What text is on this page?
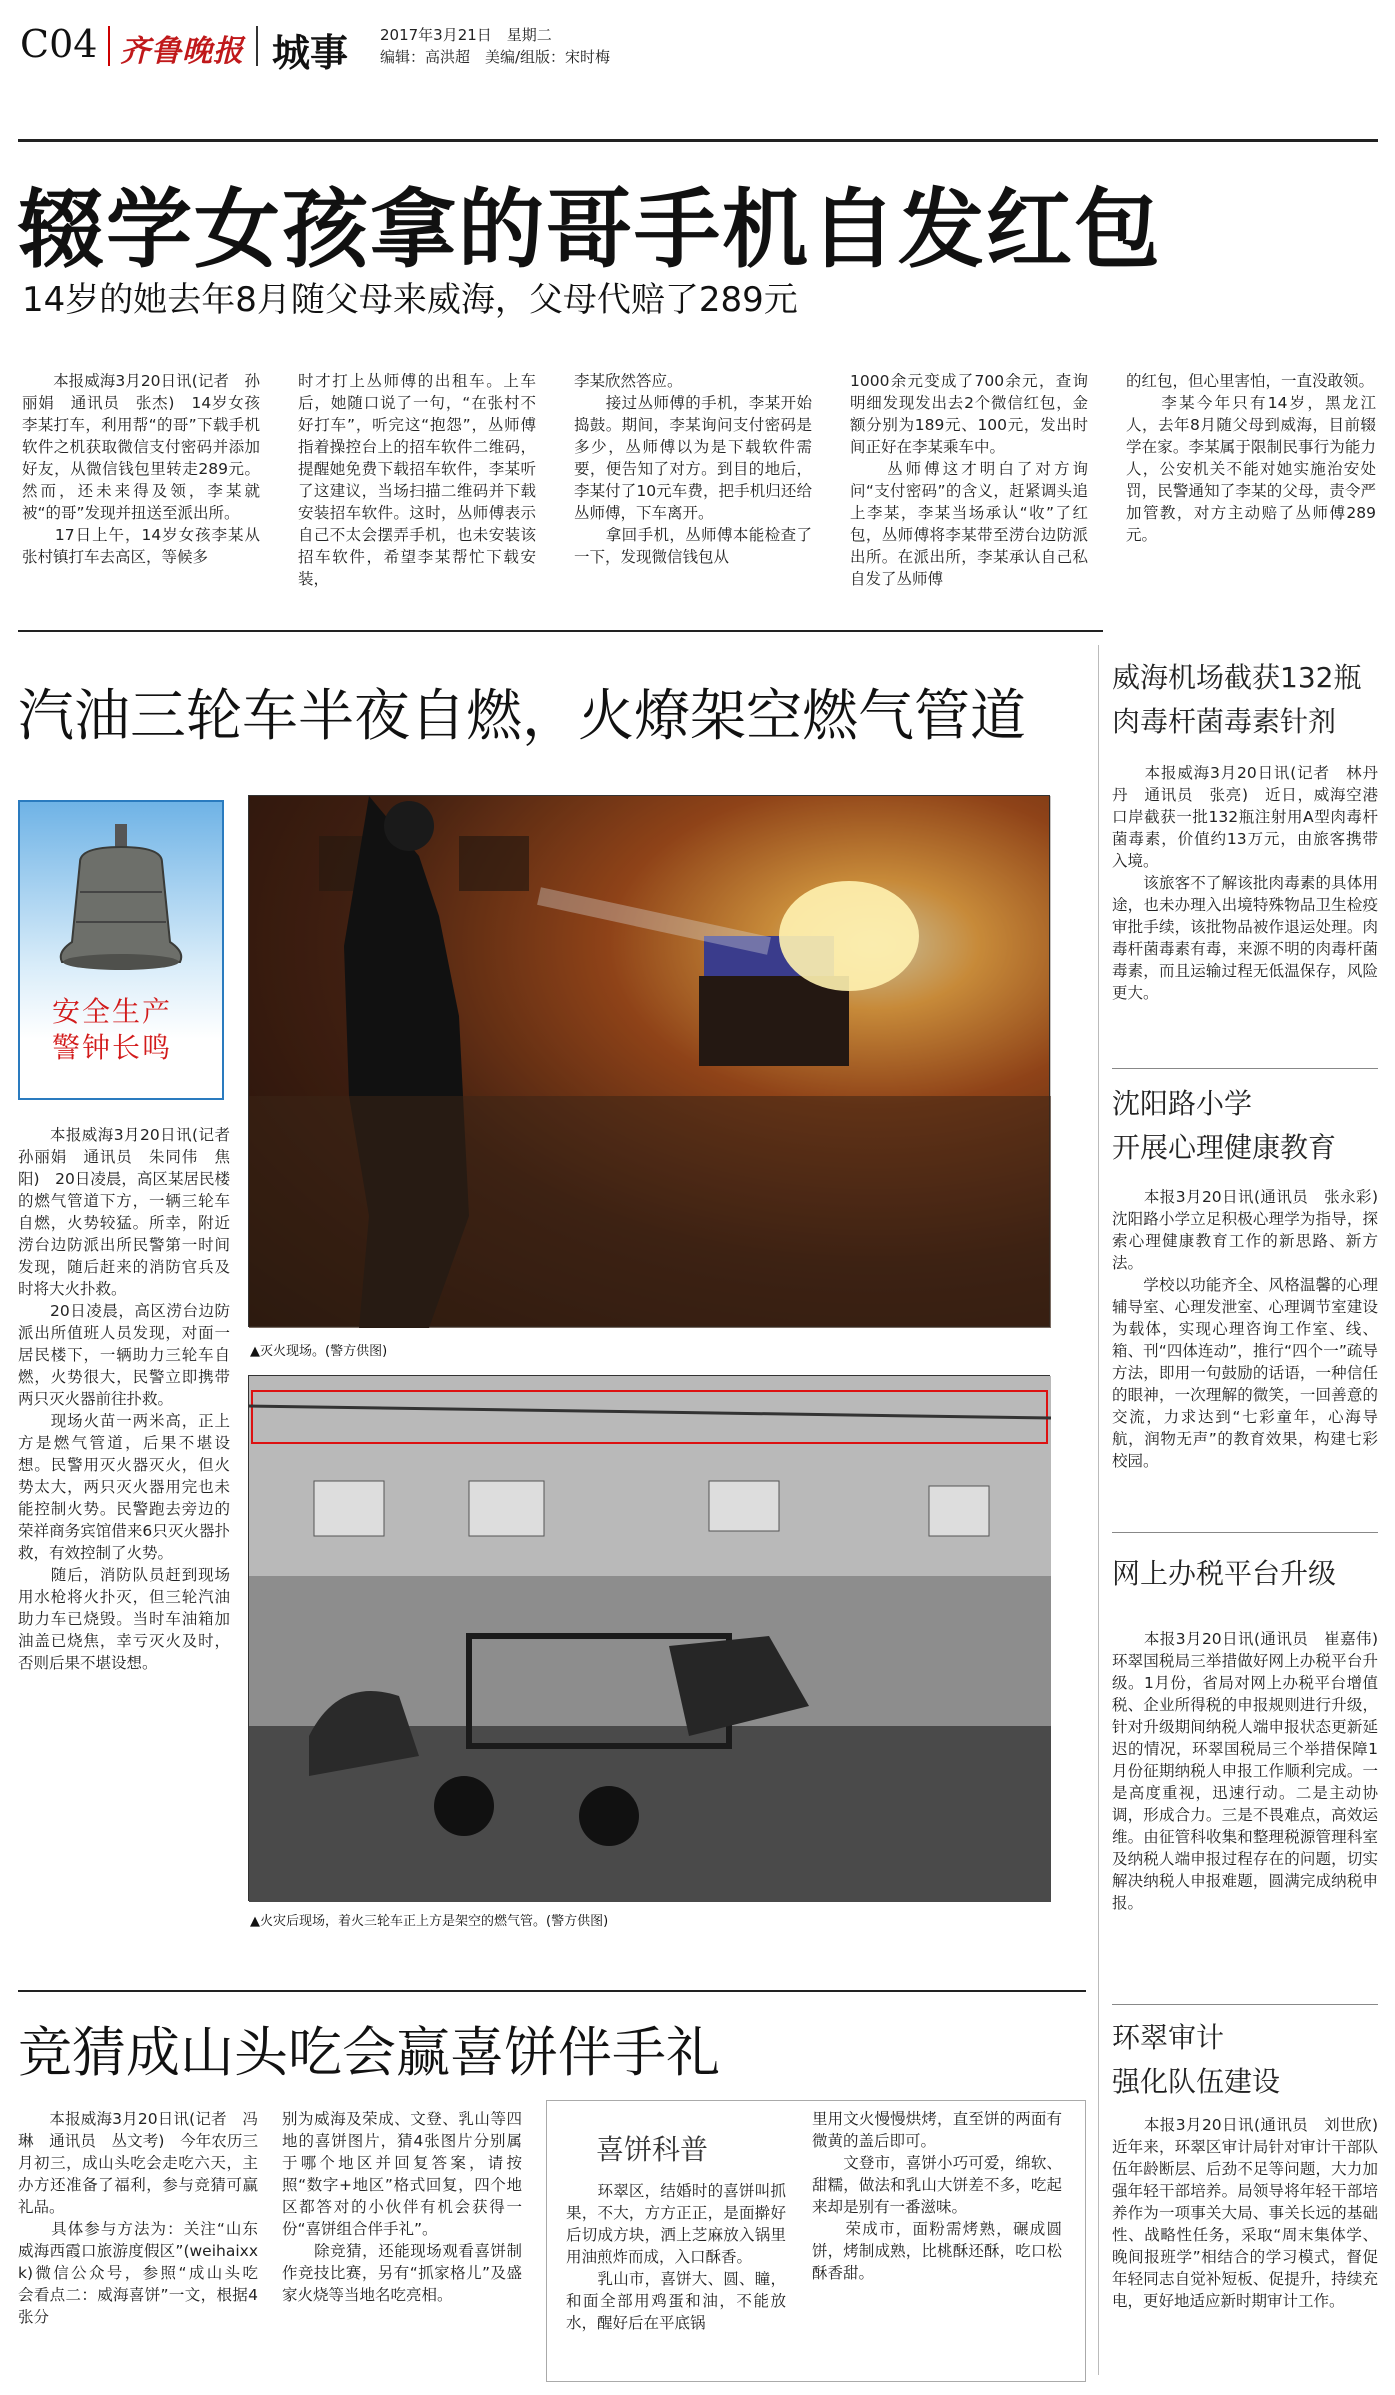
C04 齐鲁晚报 城事 2017年3月21日　星期二
编辑：高洪超　美编/组版：宋时梅
辍学女孩拿的哥手机自发红包
14岁的她去年8月随父母来威海，父母代赔了289元
　　本报威海3月20日讯(记者　孙丽娟　通讯员　张杰)　14岁女孩李某打车，利用帮“的哥”下载手机软件之机获取微信支付密码并添加好友，从微信钱包里转走289元。然而，还未来得及领，李某就被“的哥”发现并扭送至派出所。
　　17日上午，14岁女孩李某从张村镇打车去高区，等候多
时才打上丛师傅的出租车。上车后，她随口说了一句，“在张村不好打车”，听完这“抱怨”，丛师傅指着操控台上的招车软件二维码，提醒她免费下载招车软件，李某听了这建议，当场扫描二维码并下载安装招车软件。这时，丛师傅表示自己不太会摆弄手机，也未安装该招车软件，希望李某帮忙下载安装，
李某欣然答应。
　　接过丛师傅的手机，李某开始捣鼓。期间，李某询问支付密码是多少，丛师傅以为是下载软件需要，便告知了对方。到目的地后，李某付了10元车费，把手机归还给丛师傅，下车离开。
　　拿回手机，丛师傅本能检查了一下，发现微信钱包从
1000余元变成了700余元，查询明细发现发出去2个微信红包，金额分别为189元、100元，发出时间正好在李某乘车中。
　　丛师傅这才明白了对方询问“支付密码”的含义，赶紧调头追上李某，李某当场承认“收”了红包，丛师傅将李某带至涝台边防派出所。在派出所，李某承认自己私自发了丛师傅
的红包，但心里害怕，一直没敢领。
　　李某今年只有14岁，黑龙江人，去年8月随父母到威海，目前辍学在家。李某属于限制民事行为能力人，公安机关不能对她实施治安处罚，民警通知了李某的父母，责令严加管教，对方主动赔了丛师傅289元。
汽油三轮车半夜自燃，火燎架空燃气管道
安全生产
警钟长鸣
　　本报威海3月20日讯(记者　孙丽娟　通讯员　朱同伟　焦阳)　20日凌晨，高区某居民楼的燃气管道下方，一辆三轮车自燃，火势较猛。所幸，附近涝台边防派出所民警第一时间发现，随后赶来的消防官兵及时将大火扑救。
　　20日凌晨，高区涝台边防派出所值班人员发现，对面一居民楼下，一辆助力三轮车自燃，火势很大，民警立即携带两只灭火器前往扑救。
　　现场火苗一两米高，正上方是燃气管道，后果不堪设想。民警用灭火器灭火，但火势太大，两只灭火器用完也未能控制火势。民警跑去旁边的荣祥商务宾馆借来6只灭火器扑救，有效控制了火势。
　　随后，消防队员赶到现场用水枪将火扑灭，但三轮汽油助力车已烧毁。当时车油箱加油盖已烧焦，幸亏灭火及时，否则后果不堪设想。
▲灭火现场。(警方供图)
▲火灾后现场，着火三轮车正上方是架空的燃气管。(警方供图)
威海机场截获132瓶
肉毒杆菌毒素针剂
　　本报威海3月20日讯(记者　林丹丹　通讯员　张亮)　近日，威海空港口岸截获一批132瓶注射用A型肉毒杆菌毒素，价值约13万元，由旅客携带入境。
　　该旅客不了解该批肉毒素的具体用途，也未办理入出境特殊物品卫生检疫审批手续，该批物品被作退运处理。肉毒杆菌毒素有毒，来源不明的肉毒杆菌毒素，而且运输过程无低温保存，风险更大。
沈阳路小学
开展心理健康教育
　　本报3月20日讯(通讯员　张永彩)　沈阳路小学立足积极心理学为指导，探索心理健康教育工作的新思路、新方法。
　　学校以功能齐全、风格温馨的心理辅导室、心理发泄室、心理调节室建设为载体，实现心理咨询工作室、线、箱、刊“四体连动”，推行“四个一”疏导方法，即用一句鼓励的话语，一种信任的眼神，一次理解的微笑，一回善意的交流，力求达到“七彩童年，心海导航，润物无声”的教育效果，构建七彩校园。
网上办税平台升级
　　本报3月20日讯(通讯员　崔嘉伟)　环翠国税局三举措做好网上办税平台升级。1月份，省局对网上办税平台增值税、企业所得税的申报规则进行升级，针对升级期间纳税人端申报状态更新延迟的情况，环翠国税局三个举措保障1月份征期纳税人申报工作顺利完成。一是高度重视，迅速行动。二是主动协调，形成合力。三是不畏难点，高效运维。由征管科收集和整理税源管理科室及纳税人端申报过程存在的问题，切实解决纳税人申报难题，圆满完成纳税申报。
环翠审计
强化队伍建设
　　本报3月20日讯(通讯员　刘世欣)　近年来，环翠区审计局针对审计干部队伍年龄断层、后劲不足等问题，大力加强年轻干部培养。局领导将年轻干部培养作为一项事关大局、事关长远的基础性、战略性任务，采取“周末集体学、晚间报班学”相结合的学习模式，督促年轻同志自觉补短板、促提升，持续充电，更好地适应新时期审计工作。
竞猜成山头吃会赢喜饼伴手礼
　　本报威海3月20日讯(记者　冯琳　通讯员　丛文考)　今年农历三月初三，成山头吃会走吃六天，主办方还准备了福利，参与竞猜可赢礼品。
　　具体参与方法为：关注“山东威海西霞口旅游度假区”(weihaixxk)微信公众号，参照“成山头吃　会看点二：威海喜饼”一文，根据4张分
别为威海及荣成、文登、乳山等四地的喜饼图片，猜4张图片分别属于哪个地区并回复答案，请按照“数字+地区”格式回复，四个地区都答对的小伙伴有机会获得一份“喜饼组合伴手礼”。
　　除竞猜，还能现场观看喜饼制作竞技比赛，另有“抓家格儿”及盛家火烧等当地名吃亮相。
喜饼科普
　　环翠区，结婚时的喜饼叫抓果，不大，方方正正，是面擀好后切成方块，洒上芝麻放入锅里用油煎炸而成，入口酥香。
　　乳山市，喜饼大、圆、瞳，和面全部用鸡蛋和油，不能放水，醒好后在平底锅
里用文火慢慢烘烤，直至饼的两面有微黄的盖后即可。
　　文登市，喜饼小巧可爱，绵软、甜糯，做法和乳山大饼差不多，吃起来却是别有一番滋味。
　　荣成市，面粉需烤熟，碾成圆饼，烤制成熟，比桃酥还酥，吃口松酥香甜。
